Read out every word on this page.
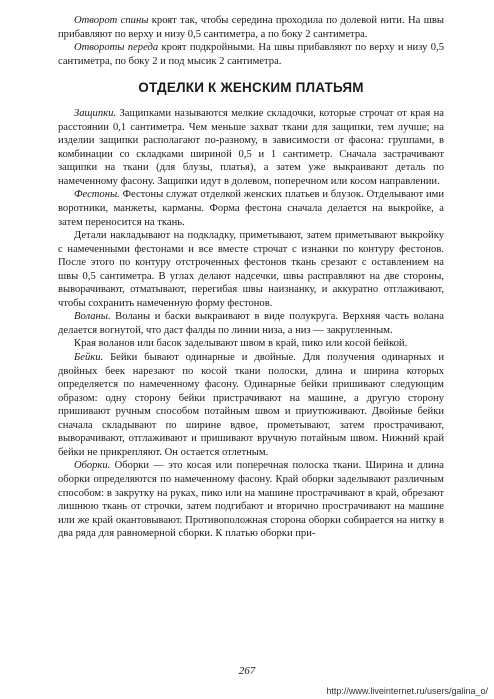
Отворот спины кроят так, чтобы середина проходила по долевой нити. На швы прибавляют по верху и низу 0,5 сантиметра, а по боку 2 сантиметра.

Отвороты переда кроят подкройными. На швы прибавляют по верху и низу 0,5 сантиметра, по боку 2 и под мысик 2 сантиметра.

ОТДЕЛКИ К ЖЕНСКИМ ПЛАТЬЯМ

Защипки. Защипками называются мелкие складочки, которые строчат от края на расстоянии 0,1 сантиметра. Чем меньше захват ткани для защипки, тем лучше; на изделии защипки располагают по-разному, в зависимости от фасона: группами, в комбинации со складками шириной 0,5 и 1 сантиметр. Сначала застрачивают защипки на ткани (для блузы, платья), а затем уже выкраивают деталь по намеченному фасону. Защипки идут в долевом, поперечном или косом направлении.

Фестоны. Фестоны служат отделкой женских платьев и блузок. Отделывают ими воротники, манжеты, карманы. Форма фестона сначала делается на выкройке, а затем переносится на ткань.

Детали накладывают на подкладку, приметывают, затем приметывают выкройку с намеченными фестонами и все вместе строчат с изнанки по контуру фестонов. После этого по контуру отстроченных фестонов ткань срезают с оставлением на швы 0,5 сантиметра. В углах делают надсечки, швы расправляют на две стороны, выворачивают, отматывают, перегибая швы наизнанку, и аккуратно отглаживают, чтобы сохранить намеченную форму фестонов.

Воланы. Воланы и баски выкраивают в виде полукруга. Верхняя часть волана делается вогнутой, что даст фалды по линии низа, а низ — закругленным.

Края воланов или басок заделывают швом в край, пико или косой бейкой.

Бейки. Бейки бывают одинарные и двойные. Для получения одинарных и двойных беек нарезают по косой ткани полоски, длина и ширина которых определяется по намеченному фасону. Одинарные бейки пришивают следующим образом: одну сторону бейки пристрачивают на машине, а другую сторону пришивают ручным способом потайным швом и приутюживают. Двойные бейки сначала складывают по ширине вдвое, прометывают, затем прострачивают, выворачивают, отглаживают и пришивают вручную потайным швом. Нижний край бейки не прикрепляют. Он остается отлетным.

Оборки. Оборки — это косая или поперечная полоска ткани. Ширина и длина оборки определяются по намеченному фасону. Край оборки заделывают различным способом: в закрутку на руках, пико или на машине прострачивают в край, обрезают лишнюю ткань от строчки, затем подгибают и вторично прострачивают на машине или же край окантовывают. Противоположная сторона оборки собирается на нитку в два ряда для равномерной сборки. К платью оборки при-

267
http://www.liveinternet.ru/users/galina_o/
